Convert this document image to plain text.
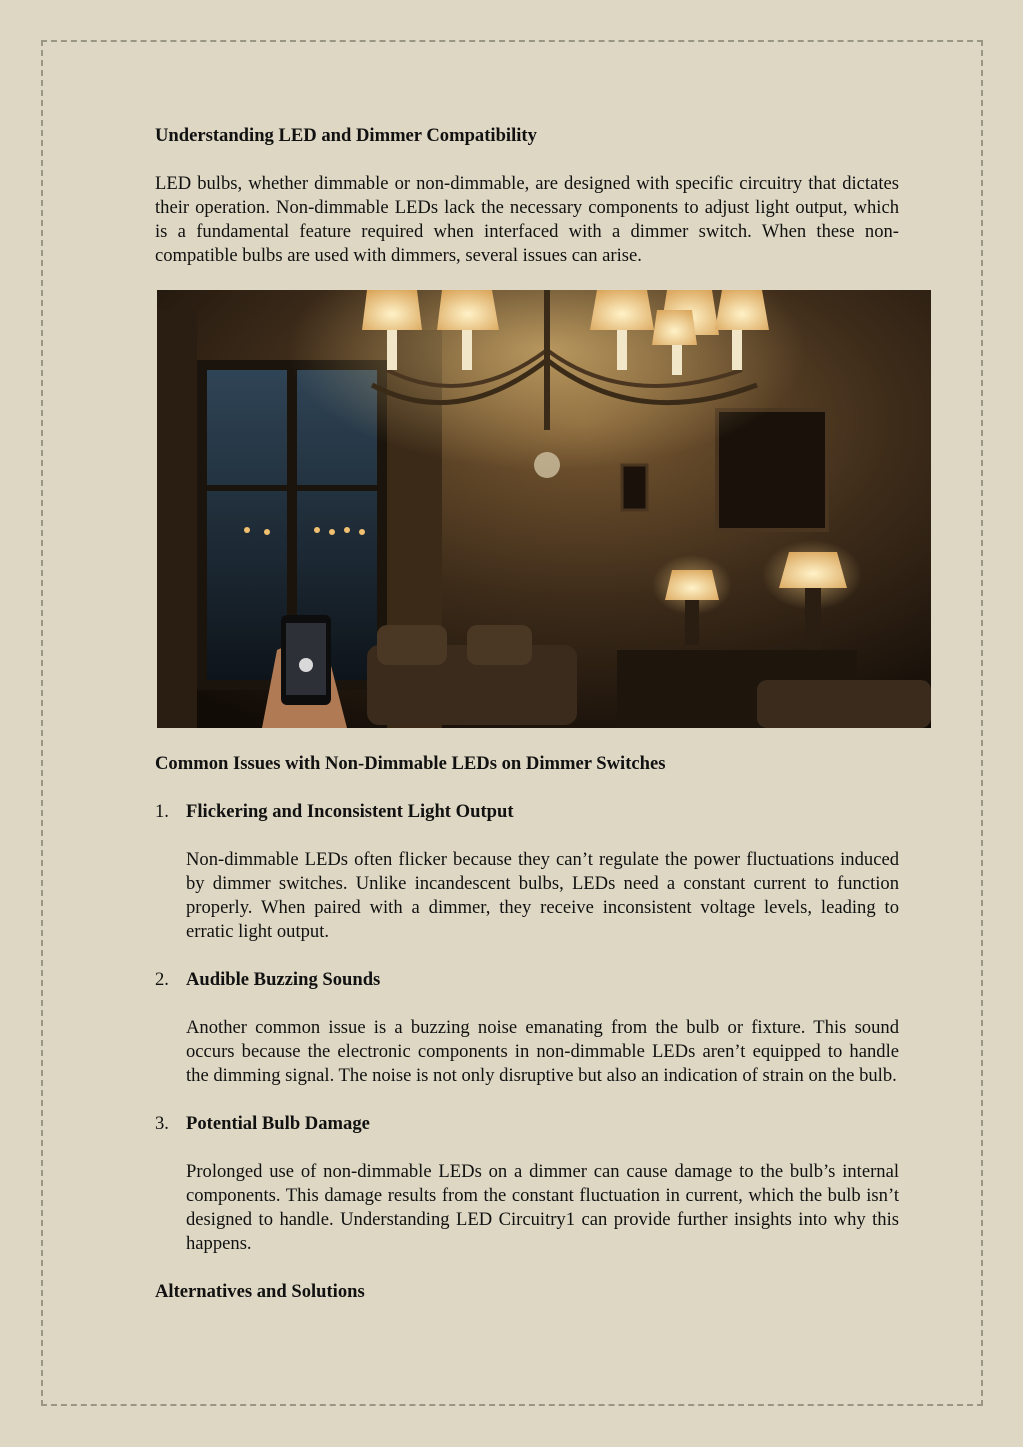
Understanding LED and Dimmer Compatibility

LED bulbs, whether dimmable or non-dimmable, are designed with specific circuitry that dictates their operation. Non-dimmable LEDs lack the necessary components to adjust light output, which is a fundamental feature required when interfaced with a dimmer switch. When these non-compatible bulbs are used with dimmers, several issues can arise.

Common Issues with Non-Dimmable LEDs on Dimmer Switches
1. Flickering and Inconsistent Light Output

Non-dimmable LEDs often flicker because they can’t regulate the power fluctuations induced by dimmer switches. Unlike incandescent bulbs, LEDs need a constant current to function properly. When paired with a dimmer, they receive inconsistent voltage levels, leading to erratic light output.

2. Audible Buzzing Sounds

Another common issue is a buzzing noise emanating from the bulb or fixture. This sound occurs because the electronic components in non-dimmable LEDs aren’t equipped to handle the dimming signal. The noise is not only disruptive but also an indication of strain on the bulb.

3. Potential Bulb Damage

Prolonged use of non-dimmable LEDs on a dimmer can cause damage to the bulb’s internal components. This damage results from the constant fluctuation in current, which the bulb isn’t designed to handle. Understanding LED Circuitry1 can provide further insights into why this happens.

Alternatives and Solutions
